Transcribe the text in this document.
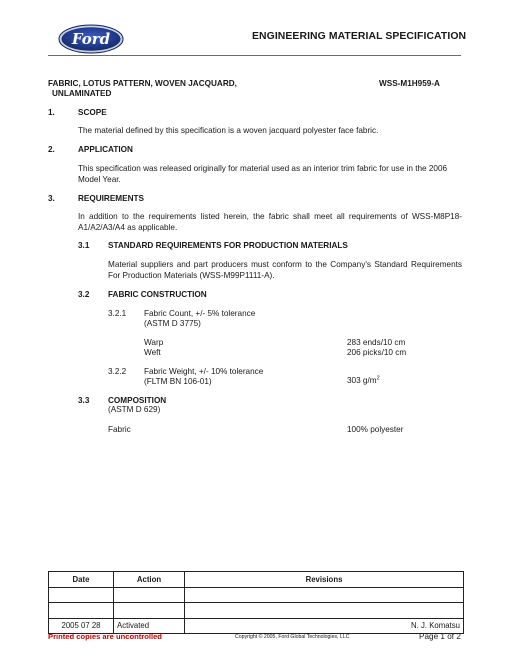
Ford	ENGINEERING MATERIAL SPECIFICATION
FABRIC, LOTUS PATTERN, WOVEN JACQUARD,
UNLAMINATED
WSS-M1H959-A
1.	SCOPE
The material defined by this specification is a woven jacquard polyester face fabric.
2.	APPLICATION
This specification was released originally for material used as an interior trim fabric for use in the 2006 Model Year.
3.	REQUIREMENTS
In addition to the requirements listed herein, the fabric shall meet all requirements of WSS-M8P18-A1/A2/A3/A4 as applicable.
3.1 STANDARD REQUIREMENTS FOR PRODUCTION MATERIALS
Material suppliers and part producers must conform to the Company's Standard Requirements For Production Materials (WSS-M99P1111-A).
3.2 FABRIC CONSTRUCTION
3.2.1 Fabric Count, +/- 5% tolerance
(ASTM D 3775)
Warp	283 ends/10 cm
Weft	206 picks/10 cm
3.2.2 Fabric Weight, +/- 10% tolerance
(FLTM BN 106-01)	303 $g/m^2$
3.3 COMPOSITION
(ASTM D 629)
Fabric	100% polyester
Date	Action	Revisions

2005 07 28	Activated	N. J. Komatsu
Printed copies are uncontrolled	Copyright © 2005, Ford Global Technologies, LLC	Page 1 of 2
